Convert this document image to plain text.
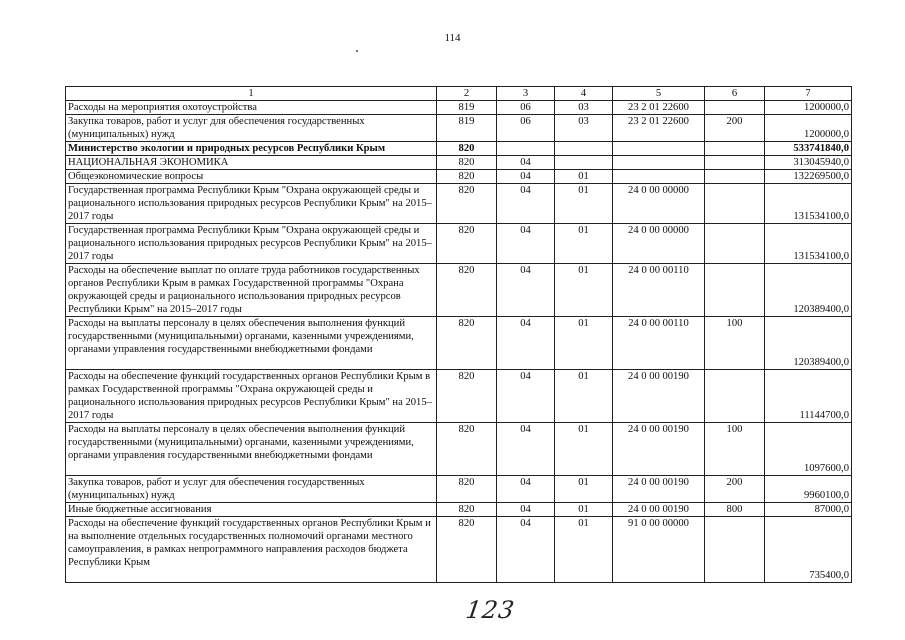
114
1	2	3	4	5	6	7
Расходы на мероприятия охотоустройства	819	06	03	23 2 01 22600		1200000,0
Закупка товаров, работ и услуг для обеспечения государственных (муниципальных) нужд	819	06	03	23 2 01 22600	200	1200000,0
Министерство экологии и природных ресурсов Республики Крым	820					533741840,0
НАЦИОНАЛЬНАЯ ЭКОНОМИКА	820	04				313045940,0
Общеэкономические вопросы	820	04	01			132269500,0
Государственная программа Республики Крым "Охрана окружающей среды и рационального использования природных ресурсов Республики Крым" на 2015–2017 годы	820	04	01	24 0 00 00000		131534100,0
Государственная программа Республики Крым "Охрана окружающей среды и рационального использования природных ресурсов Республики Крым" на 2015–2017 годы	820	04	01	24 0 00 00000		131534100,0
Расходы на обеспечение выплат по оплате труда работников государственных органов Республики Крым в рамках Государственной программы "Охрана окружающей среды и рационального использования природных ресурсов Республики Крым" на 2015–2017 годы	820	04	01	24 0 00 00110		120389400,0
Расходы на выплаты персоналу в целях обеспечения выполнения функций государственными (муниципальными) органами, казенными учреждениями, органами управления государственными внебюджетными фондами	820	04	01	24 0 00 00110	100	120389400,0
Расходы на обеспечение функций государственных органов Республики Крым в рамках Государственной программы "Охрана окружающей среды и рационального использования природных ресурсов Республики Крым" на 2015–2017 годы	820	04	01	24 0 00 00190		11144700,0
Расходы на выплаты персоналу в целях обеспечения выполнения функций государственными (муниципальными) органами, казенными учреждениями, органами управления государственными внебюджетными фондами	820	04	01	24 0 00 00190	100	1097600,0
Закупка товаров, работ и услуг для обеспечения государственных (муниципальных) нужд	820	04	01	24 0 00 00190	200	9960100,0
Иные бюджетные ассигнования	820	04	01	24 0 00 00190	800	87000,0
Расходы на обеспечение функций государственных органов Республики Крым и на выполнение отдельных государственных полномочий органами местного самоуправления, в рамках непрограммного направления расходов бюджета Республики Крым	820	04	01	91 0 00 00000		735400,0
123
